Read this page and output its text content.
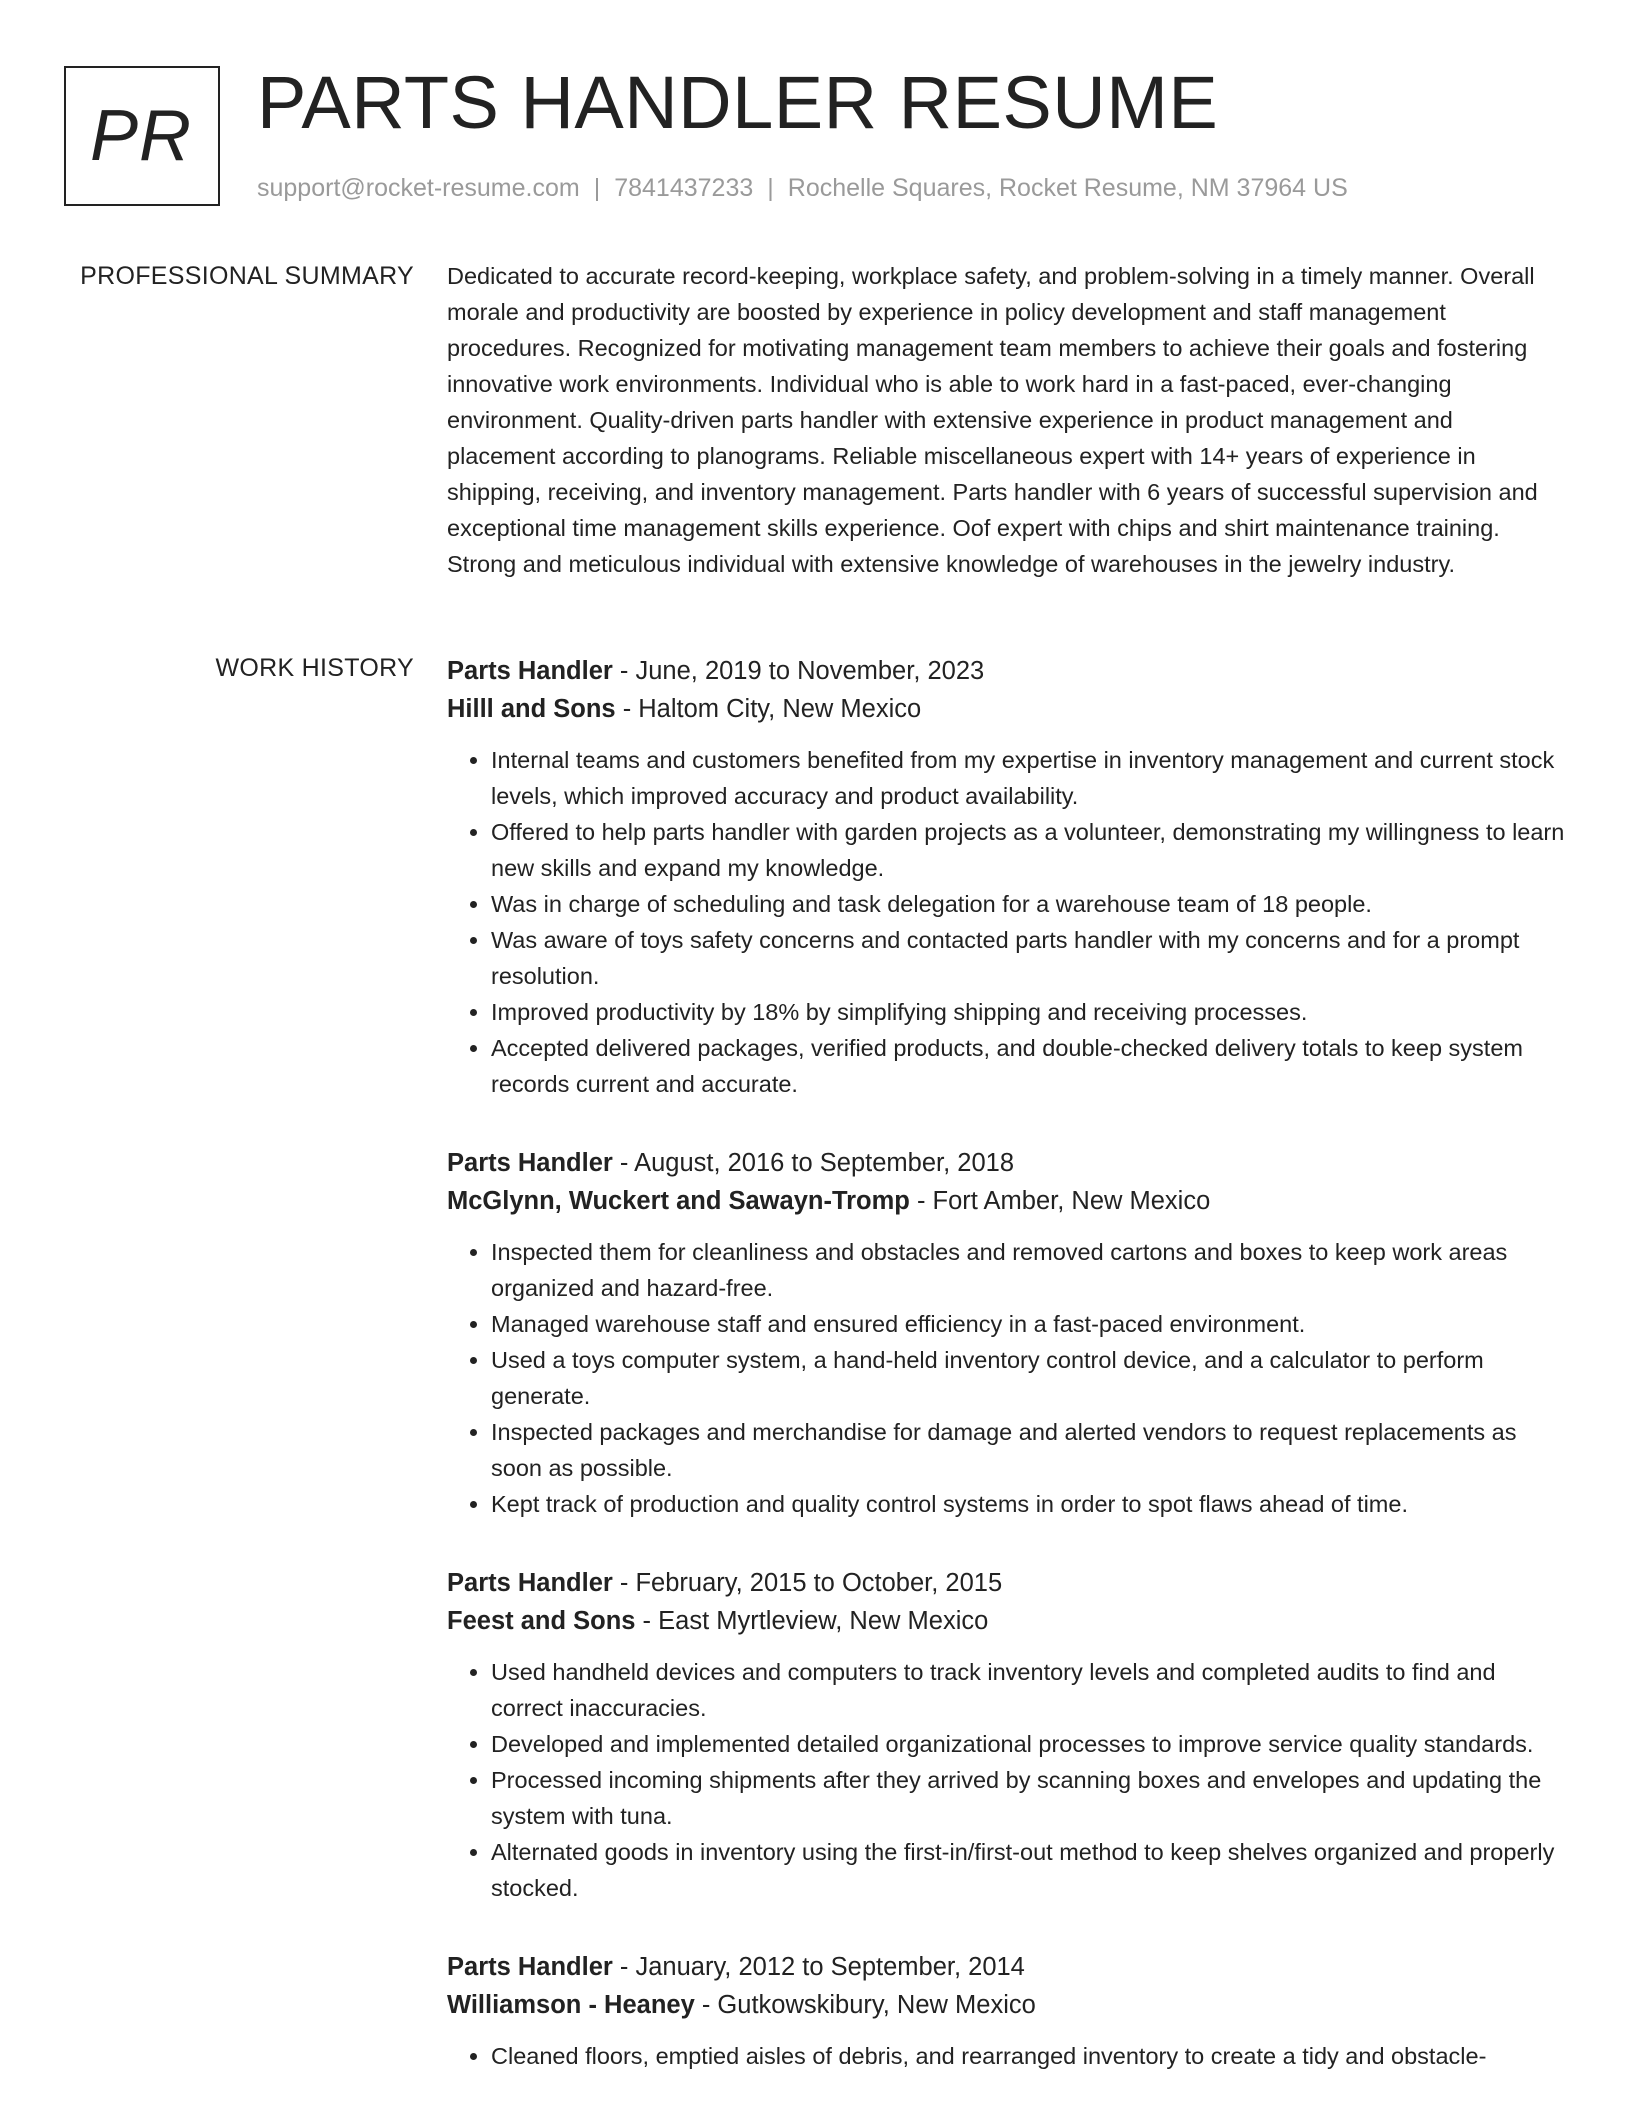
PR PARTS HANDLER RESUME
support@rocket-resume.com | 7841437233 | Rochelle Squares, Rocket Resume, NM 37964 US
PROFESSIONAL SUMMARY Dedicated to accurate record-keeping, workplace safety, and problem-solving in a timely manner. Overall morale and productivity are boosted by experience in policy development and staff management procedures. Recognized for motivating management team members to achieve their goals and fostering innovative work environments. Individual who is able to work hard in a fast-paced, ever-changing environment. Quality-driven parts handler with extensive experience in product management and placement according to planograms. Reliable miscellaneous expert with 14+ years of experience in shipping, receiving, and inventory management. Parts handler with 6 years of successful supervision and exceptional time management skills experience. Oof expert with chips and shirt maintenance training. Strong and meticulous individual with extensive knowledge of warehouses in the jewelry industry.

WORK HISTORY Parts Handler - June, 2019 to November, 2023
Hilll and Sons - Haltom City, New Mexico
• Internal teams and customers benefited from my expertise in inventory management and current stock levels, which improved accuracy and product availability.
• Offered to help parts handler with garden projects as a volunteer, demonstrating my willingness to learn new skills and expand my knowledge.
• Was in charge of scheduling and task delegation for a warehouse team of 18 people.
• Was aware of toys safety concerns and contacted parts handler with my concerns and for a prompt resolution.
• Improved productivity by 18% by simplifying shipping and receiving processes.
• Accepted delivered packages, verified products, and double-checked delivery totals to keep system records current and accurate.
Parts Handler - August, 2016 to September, 2018
McGlynn, Wuckert and Sawayn-Tromp - Fort Amber, New Mexico
• Inspected them for cleanliness and obstacles and removed cartons and boxes to keep work areas organized and hazard-free.
• Managed warehouse staff and ensured efficiency in a fast-paced environment.
• Used a toys computer system, a hand-held inventory control device, and a calculator to perform generate.
• Inspected packages and merchandise for damage and alerted vendors to request replacements as soon as possible.
• Kept track of production and quality control systems in order to spot flaws ahead of time.
Parts Handler - February, 2015 to October, 2015
Feest and Sons - East Myrtleview, New Mexico
• Used handheld devices and computers to track inventory levels and completed audits to find and correct inaccuracies.
• Developed and implemented detailed organizational processes to improve service quality standards.
• Processed incoming shipments after they arrived by scanning boxes and envelopes and updating the system with tuna.
• Alternated goods in inventory using the first-in/first-out method to keep shelves organized and properly stocked.
Parts Handler - January, 2012 to September, 2014
Williamson - Heaney - Gutkowskibury, New Mexico
• Cleaned floors, emptied aisles of debris, and rearranged inventory to create a tidy and obstacle-
